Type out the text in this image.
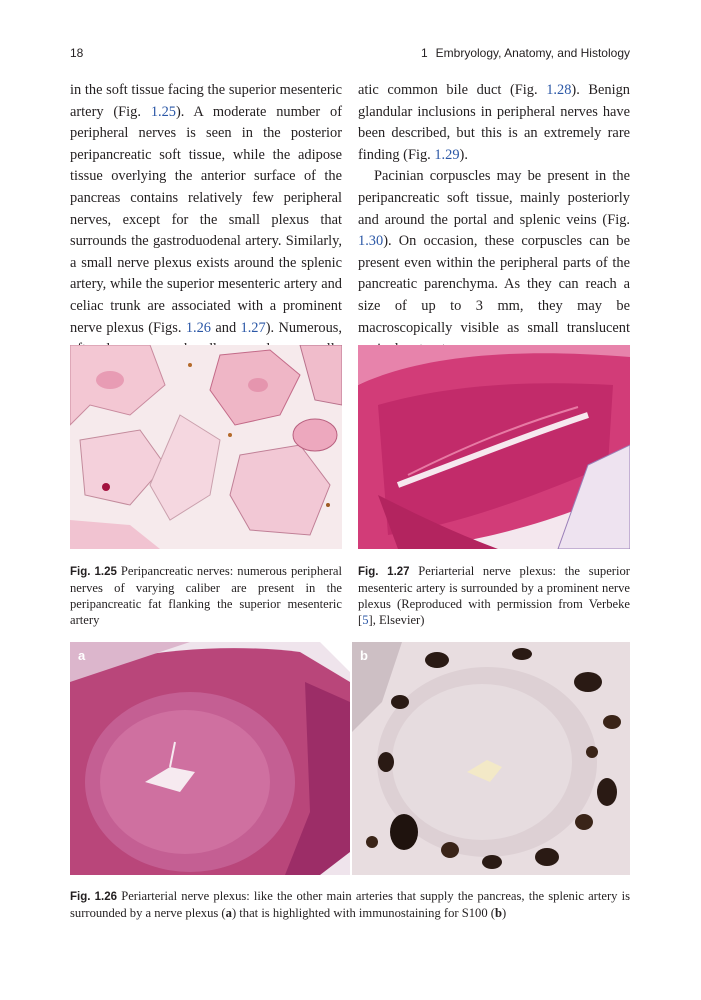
18	1 Embryology, Anatomy, and Histology

in the soft tissue facing the superior mesenteric artery (Fig. 1.25). A moderate number of peripheral nerves is seen in the posterior peripancreatic soft tissue, while the adipose tissue overlying the anterior surface of the pancreas contains relatively few peripheral nerves, except for the small plexus that surrounds the gastroduodenal artery. Similarly, a small nerve plexus exists around the splenic artery, while the superior mesenteric artery and celiac trunk are associated with a prominent nerve plexus (Figs. 1.26 and 1.27). Numerous,

atic common bile duct (Fig. 1.28). Benign glandular inclusions in peripheral nerves have been described, but this is an extremely rare finding (Fig. 1.29).

Pacinian corpuscles may be present in the peripancreatic soft tissue, mainly posteriorly and around the portal and splenic veins (Fig. 1.30). On occasion, these corpuscles can be present even within the peripheral parts of the pancreatic parenchyma. As they can reach a size of up to 3 mm, they may be macroscopically visible as small translucent

Fig. 1.25 Peripancreatic nerves: numerous peripheral nerves of varying caliber are present in the peripancreatic fat flanking the superior mesenteric artery
Fig. 1.27 Periarterial nerve plexus: the superior mesenteric artery is surrounded by a prominent nerve plexus (Reproduced with permission from Verbeke [5], Elsevier)
a	b
Fig. 1.26 Periarterial nerve plexus: like the other main arteries that supply the pancreas, the splenic artery is surrounded by a nerve plexus (a) that is highlighted with immunostaining for S100 (b)
